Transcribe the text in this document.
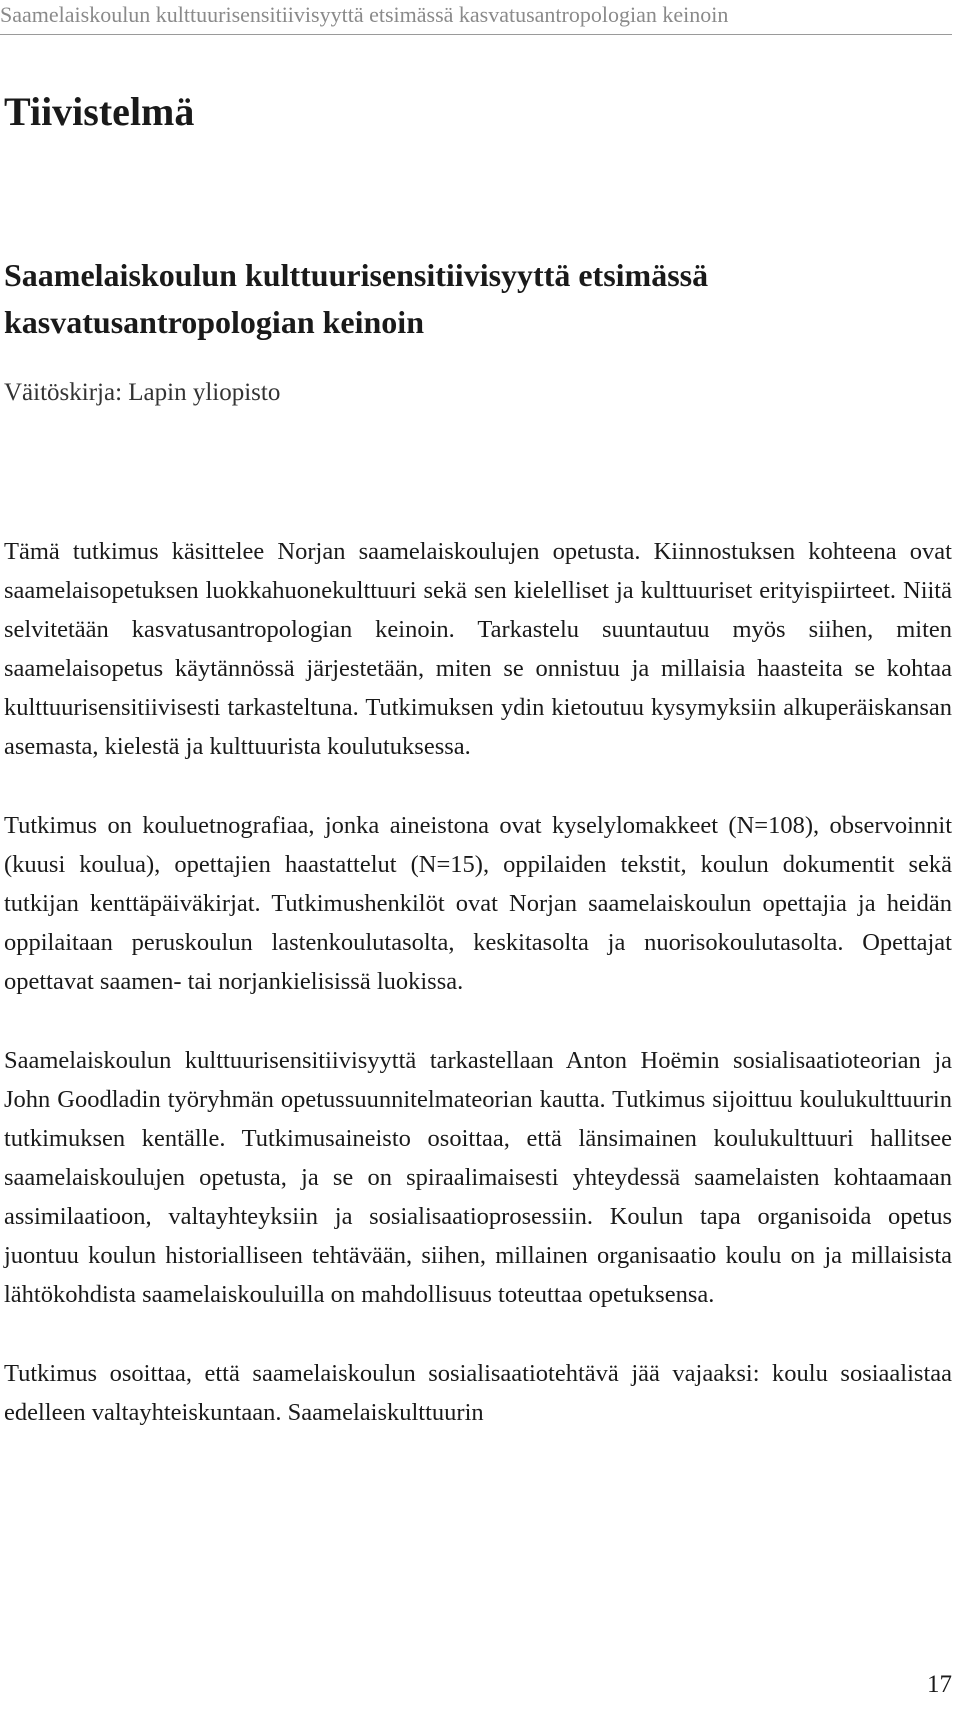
Saamelaiskoulun kulttuurisensitiivisyyttä etsimässä kasvatusantropologian keinoin
Tiivistelmä
Saamelaiskoulun kulttuurisensitiivisyyttä etsimässä kasvatusantropologian keinoin

Väitöskirja: Lapin yliopisto

Tämä tutkimus käsittelee Norjan saamelaiskoulujen opetusta. Kiinnostuksen kohteena ovat saamelaisopetuksen luokkahuonekulttuuri sekä sen kielelliset ja kulttuuriset erityispiirteet. Niitä selvitetään kasvatusantropologian keinoin. Tarkastelu suuntautuu myös siihen, miten saamelaisopetus käytännössä järjestetään, miten se onnistuu ja millaisia haasteita se kohtaa kulttuurisensitiivisesti tarkasteltuna. Tutkimuksen ydin kietoutuu kysymyksiin alkuperäiskansan asemasta, kielestä ja kulttuurista koulutuksessa.

Tutkimus on kouluetnografiaa, jonka aineistona ovat kyselylomakkeet (N=108), observoinnit (kuusi koulua), opettajien haastattelut (N=15), oppilaiden tekstit, koulun dokumentit sekä tutkijan kenttäpäiväkirjat. Tutkimushenkilöt ovat Norjan saamelaiskoulun opettajia ja heidän oppilaitaan peruskoulun lastenkoulutasolta, keskitasolta ja nuorisokoulutasolta. Opettajat opettavat saamen- tai norjankielisissä luokissa.

Saamelaiskoulun kulttuurisensitiivisyyttä tarkastellaan Anton Hoëmin sosialisaatioteorian ja John Goodladin työryhmän opetussuunnitelmateorian kautta. Tutkimus sijoittuu koulukulttuurin tutkimuksen kentälle. Tutkimusaineisto osoittaa, että länsimainen koulukulttuuri hallitsee saamelaiskoulujen opetusta, ja se on spiraalimaisesti yhteydessä saamelaisten kohtaamaan assimilaatioon, valtayhteyksiin ja sosialisaatioprosessiin. Koulun tapa organisoida opetus juontuu koulun historialliseen tehtävään, siihen, millainen organisaatio koulu on ja millaisista lähtökohdista saamelaiskouluilla on mahdollisuus toteuttaa opetuksensa.

Tutkimus osoittaa, että saamelaiskoulun sosialisaatiotehtävä jää vajaaksi: koulu sosiaalistaa edelleen valtayhteiskuntaan. Saamelaiskulttuurin

17
